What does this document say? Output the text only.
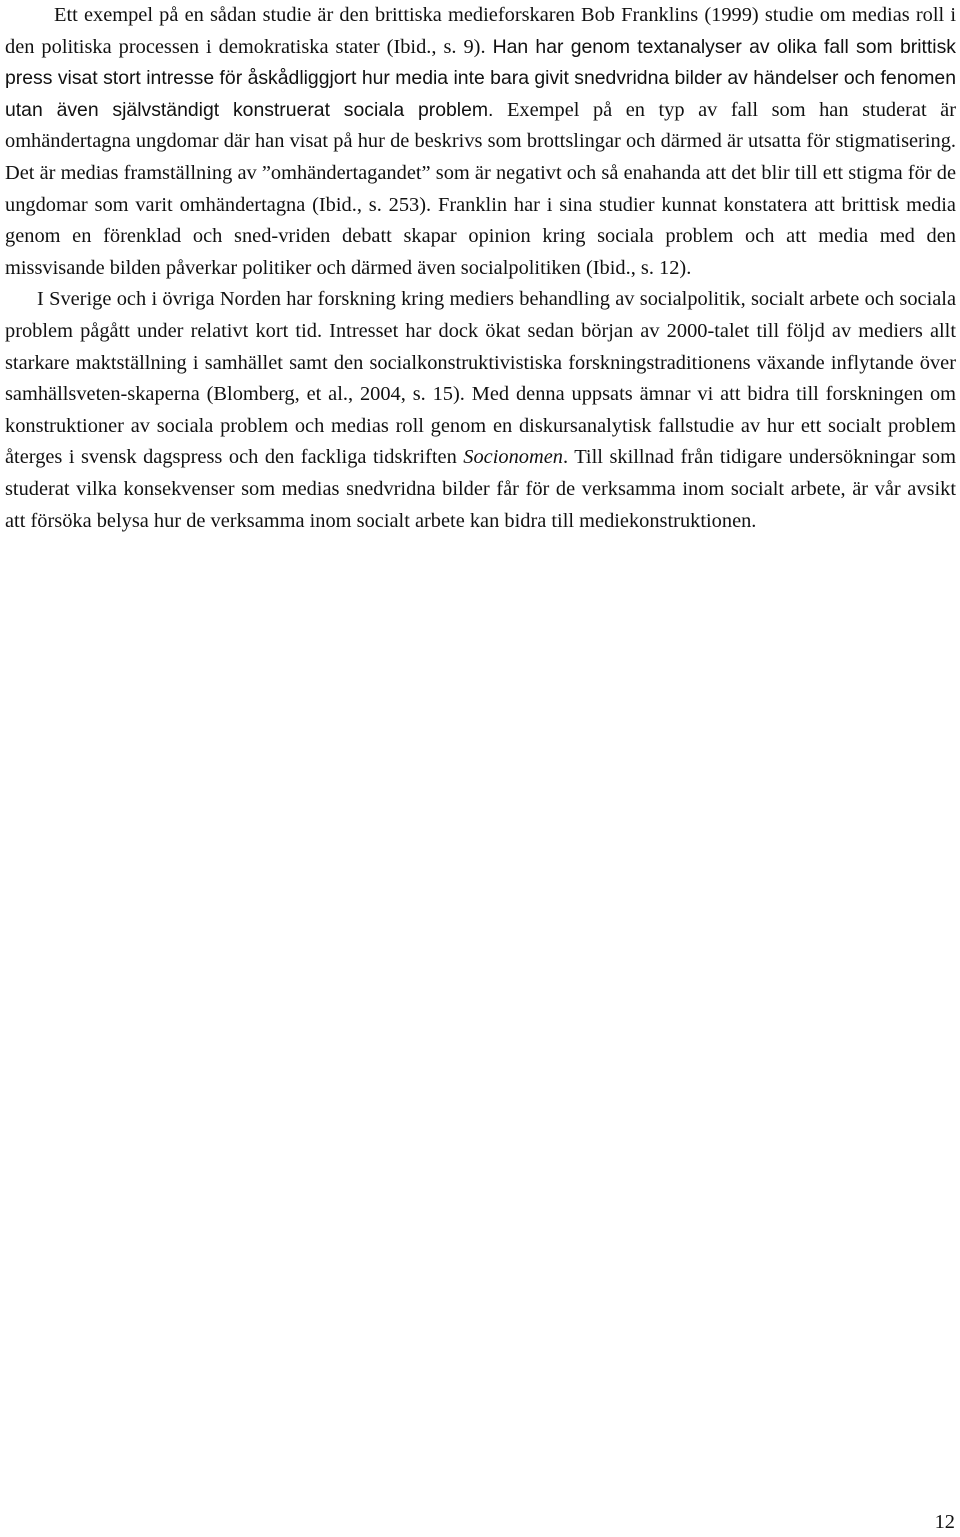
Ett exempel på en sådan studie är den brittiska medieforskaren Bob Franklins (1999) studie om medias roll i den politiska processen i demokratiska stater (Ibid., s. 9). Han har genom textanalyser av olika fall som brittisk press visat stort intresse för åskådliggjort hur media inte bara givit snedvridna bilder av händelser och fenomen utan även självständigt konstruerat sociala problem. Exempel på en typ av fall som han studerat är omhändertagna ungdomar där han visat på hur de beskrivs som brottslingar och därmed är utsatta för stigmatisering. Det är medias framställning av ”omhändertagandet” som är negativt och så enahanda att det blir till ett stigma för de ungdomar som varit omhändertagna (Ibid., s. 253). Franklin har i sina studier kunnat konstatera att brittisk media genom en förenklad och sned-vriden debatt skapar opinion kring sociala problem och att media med den missvisande bilden påverkar politiker och därmed även socialpolitiken (Ibid., s. 12).

I Sverige och i övriga Norden har forskning kring mediers behandling av socialpolitik, socialt arbete och sociala problem pågått under relativt kort tid. Intresset har dock ökat sedan början av 2000-talet till följd av mediers allt starkare maktställning i samhället samt den socialkonstruktivistiska forskningstraditionens växande inflytande över samhällsveten-skaperna (Blomberg, et al., 2004, s. 15). Med denna uppsats ämnar vi att bidra till forskningen om konstruktioner av sociala problem och medias roll genom en diskursanalytisk fallstudie av hur ett socialt problem återges i svensk dagspress och den fackliga tidskriften Socionomen. Till skillnad från tidigare undersökningar som studerat vilka konsekvenser som medias snedvridna bilder får för de verksamma inom socialt arbete, är vår avsikt att försöka belysa hur de verksamma inom socialt arbete kan bidra till mediekonstruktionen.

12
